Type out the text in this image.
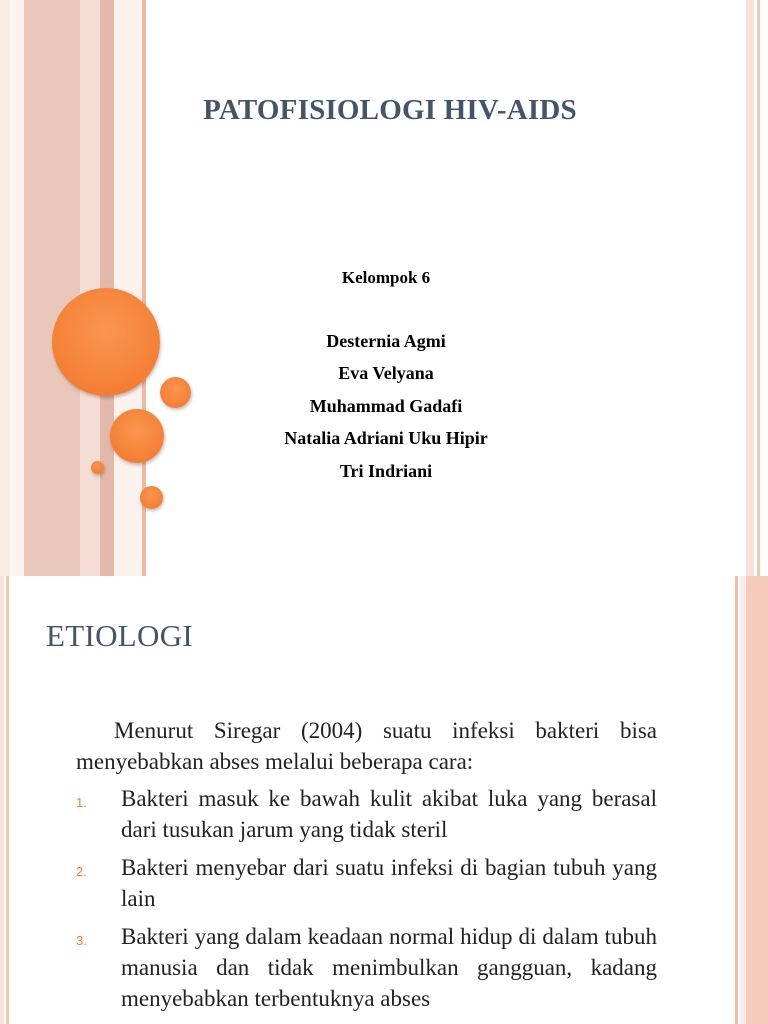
PATOFISIOLOGI HIV-AIDS
Kelompok 6
Desternia Agmi
Eva Velyana
Muhammad Gadafi
Natalia Adriani Uku Hipir
Tri Indriani
ETIOLOGI

Menurut Siregar (2004) suatu infeksi bakteri bisa menyebabkan abses melalui beberapa cara:

1. Bakteri masuk ke bawah kulit akibat luka yang berasal dari tusukan jarum yang tidak steril
2. Bakteri menyebar dari suatu infeksi di bagian tubuh yang lain
3. Bakteri yang dalam keadaan normal hidup di dalam tubuh manusia dan tidak menimbulkan gangguan, kadang menyebabkan terbentuknya abses
